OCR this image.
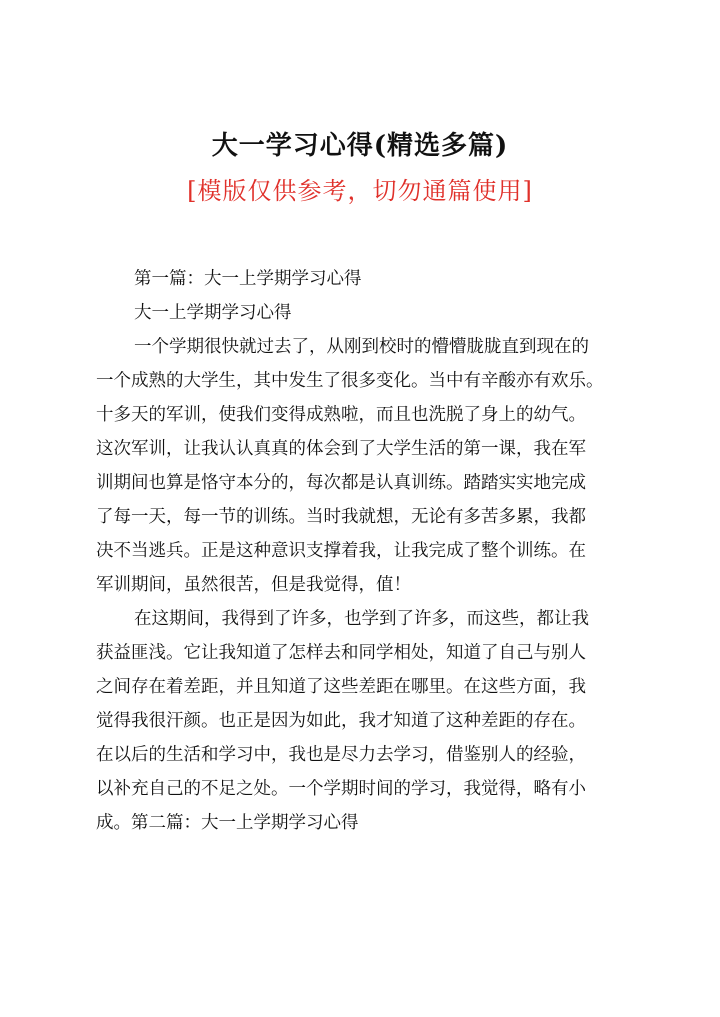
大一学习心得(精选多篇)
[模版仅供参考，切勿通篇使用]
第一篇：大一上学期学习心得
大一上学期学习心得
一个学期很快就过去了，从刚到校时的懵懵胧胧直到现在的
一个成熟的大学生，其中发生了很多变化。当中有辛酸亦有欢乐。
十多天的军训，使我们变得成熟啦，而且也洗脱了身上的幼气。
这次军训，让我认认真真的体会到了大学生活的第一课，我在军
训期间也算是恪守本分的，每次都是认真训练。踏踏实实地完成
了每一天，每一节的训练。当时我就想，无论有多苦多累，我都
决不当逃兵。正是这种意识支撑着我，让我完成了整个训练。在
军训期间，虽然很苦，但是我觉得，值！
在这期间，我得到了许多，也学到了许多，而这些，都让我
获益匪浅。它让我知道了怎样去和同学相处，知道了自己与别人
之间存在着差距，并且知道了这些差距在哪里。在这些方面，我
觉得我很汗颜。也正是因为如此，我才知道了这种差距的存在。
在以后的生活和学习中，我也是尽力去学习，借鉴别人的经验，
以补充自己的不足之处。一个学期时间的学习，我觉得，略有小
成。第二篇：大一上学期学习心得
